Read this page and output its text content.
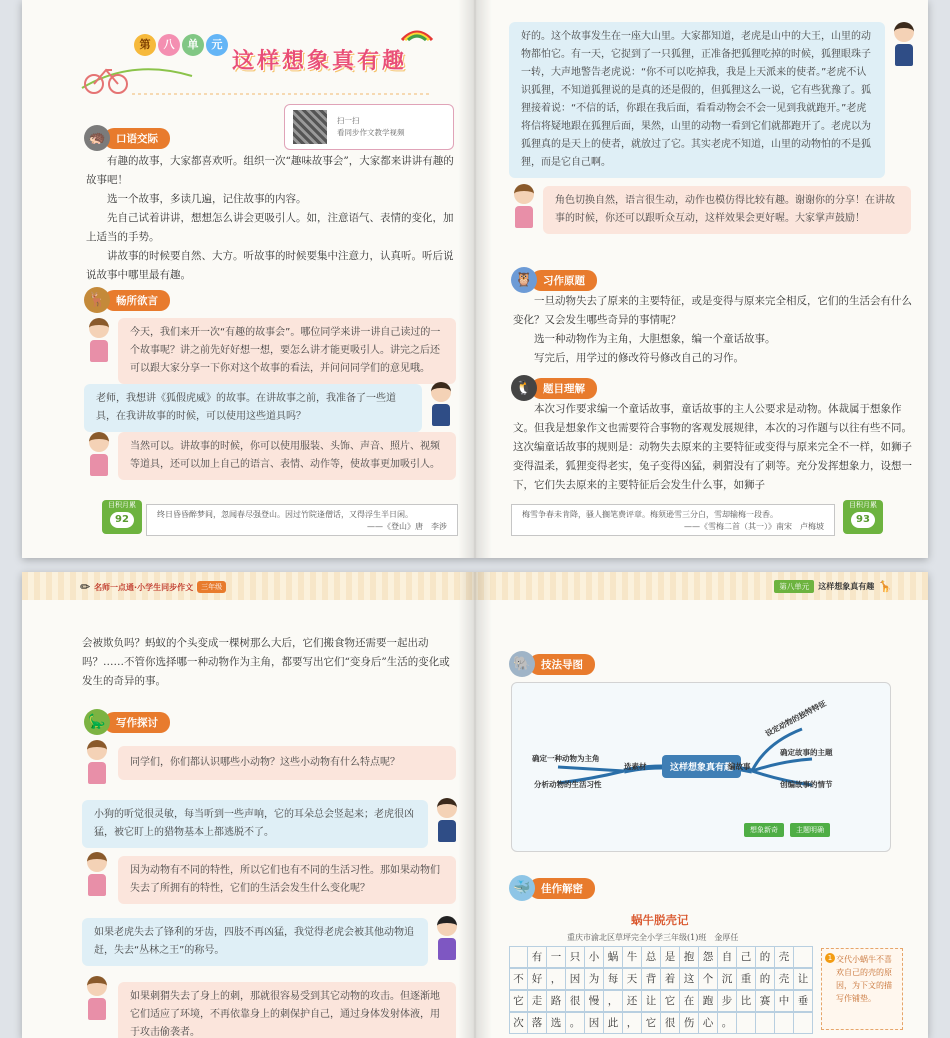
第	八	单	元
这样想象真有趣
扫一扫
看同步作文教学视频
🦔 口语交际

有趣的故事，大家都喜欢听。组织一次“趣味故事会”，大家都来讲讲有趣的故事吧！

选一个故事，多读几遍，记住故事的内容。

先自己试着讲讲，想想怎么讲会更吸引人。如，注意语气、表情的变化，加上适当的手势。

讲故事的时候要自然、大方。听故事的时候要集中注意力，认真听。听后说说故事中哪里最有趣。

🦌 畅所欲言
今天，我们来开一次“有趣的故事会”。哪位同学来讲一讲自己读过的一个故事呢？讲之前先好好想一想，要怎么讲才能更吸引人。讲完之后还可以跟大家分享一下你对这个故事的看法，并问问同学们的意见哦。
老师，我想讲《狐假虎威》的故事。在讲故事之前，我准备了一些道具，在我讲故事的时候，可以使用这些道具吗？
当然可以。讲故事的时候，你可以使用服装、头饰、声音、照片、视频等道具，还可以加上自己的语言、表情、动作等，使故事更加吸引人。
目积月累
92	终日昏昏醉梦间，忽闻春尽强登山。因过竹院逢僧话，又得浮生半日闲。
——《登山》唐　李涉
好的。这个故事发生在一座大山里。大家都知道，老虎是山中的大王，山里的动物都怕它。有一天，它捉到了一只狐狸，正准备把狐狸吃掉的时候，狐狸眼珠子一转，大声地警告老虎说：“你不可以吃掉我，我是上天派来的使者。”老虎不认识狐狸，不知道狐狸说的是真的还是假的，但狐狸这么一说，它有些犹豫了。狐狸接着说：“不信的话，你跟在我后面，看看动物会不会一见到我就跑开。”老虎将信将疑地跟在狐狸后面，果然，山里的动物一看到它们就都跑开了。老虎以为狐狸真的是天上的使者，就放过了它。其实老虎不知道，山里的动物怕的不是狐狸，而是它自己啊。
角色切换自然，语言很生动，动作也模仿得比较有趣。谢谢你的分享！在讲故事的时候，你还可以跟听众互动，这样效果会更好喔。大家掌声鼓励！
🦉 习作原题

一旦动物失去了原来的主要特征，或是变得与原来完全相反，它们的生活会有什么变化？又会发生哪些奇异的事情呢？

选一种动物作为主角，大胆想象，编一个童话故事。

写完后，用学过的修改符号修改自己的习作。

🐧 题目理解

本次习作要求编一个童话故事，童话故事的主人公要求是动物。体裁属于想象作文。但我是想象作文也需要符合事物的客观发展规律，本次的习作题与以往有些不同。这次编童话故事的规则是：动物失去原来的主要特征或变得与原来完全不一样，如狮子变得温柔，狐狸变得老实，兔子变得凶猛，刺猬没有了刺等。充分发挥想象力，设想一下，它们失去原来的主要特征后会发生什么事，如狮子

梅雪争春未肯降，骚人搁笔费评章。梅须逊雪三分白，雪却输梅一段香。
——《雪梅二首（其一）》南宋　卢梅坡
目积月累
93
✏ 名师一点通·小学生同步作文	三年级
会被欺负吗？蚂蚁的个头变成一棵树那么大后，它们搬食物还需要一起出动吗？……不管你选择哪一种动物作为主角，都要写出它们“变身后”生活的变化或发生的奇异的事。
🦕 写作探讨
同学们，你们都认识哪些小动物？这些小动物有什么特点呢？
小狗的听觉很灵敏，每当听到一些声响，它的耳朵总会竖起来；老虎很凶猛，被它盯上的猎物基本上都逃脱不了。
因为动物有不同的特性，所以它们也有不同的生活习性。那如果动物们失去了所拥有的特性，它们的生活会发生什么变化呢？
如果老虎失去了锋利的牙齿，四肢不再凶猛，我觉得老虎会被其他动物追赶，失去“丛林之王”的称号。
如果刺猬失去了身上的刺，那就很容易受到其它动物的攻击。但逐渐地它们适应了环境，不再依靠身上的刺保护自己，通过身体发射体液，用于攻击偷袭者。
第八单元	这样想象真有趣 🦒
🐘 技法导图
这样想象真有趣
选素材
确定一种动物为主角
分析动物的生活习性
编故事
设定动物的独特特征
确定故事的主题
创编故事的情节
想象新奇	主题明确
🐳 佳作解密
蜗牛脱壳记
重庆市渝北区草坪完全小学三年级(1)班　金厚任
有 一 只 小 蜗 牛 总 是 抱 怨 自 己 的 壳
不 好 ， 因 为 每 天 背 着 这 个 沉 重 的 壳 让
它 走 路 很 慢 ， 还 让 它 在 跑 步 比 赛 中 垂
次 落 选 。 因 此 ， 它 很 伤 心 。
1 交代小蜗牛不喜欢自己的壳的原因，为下文的描写作铺垫。
